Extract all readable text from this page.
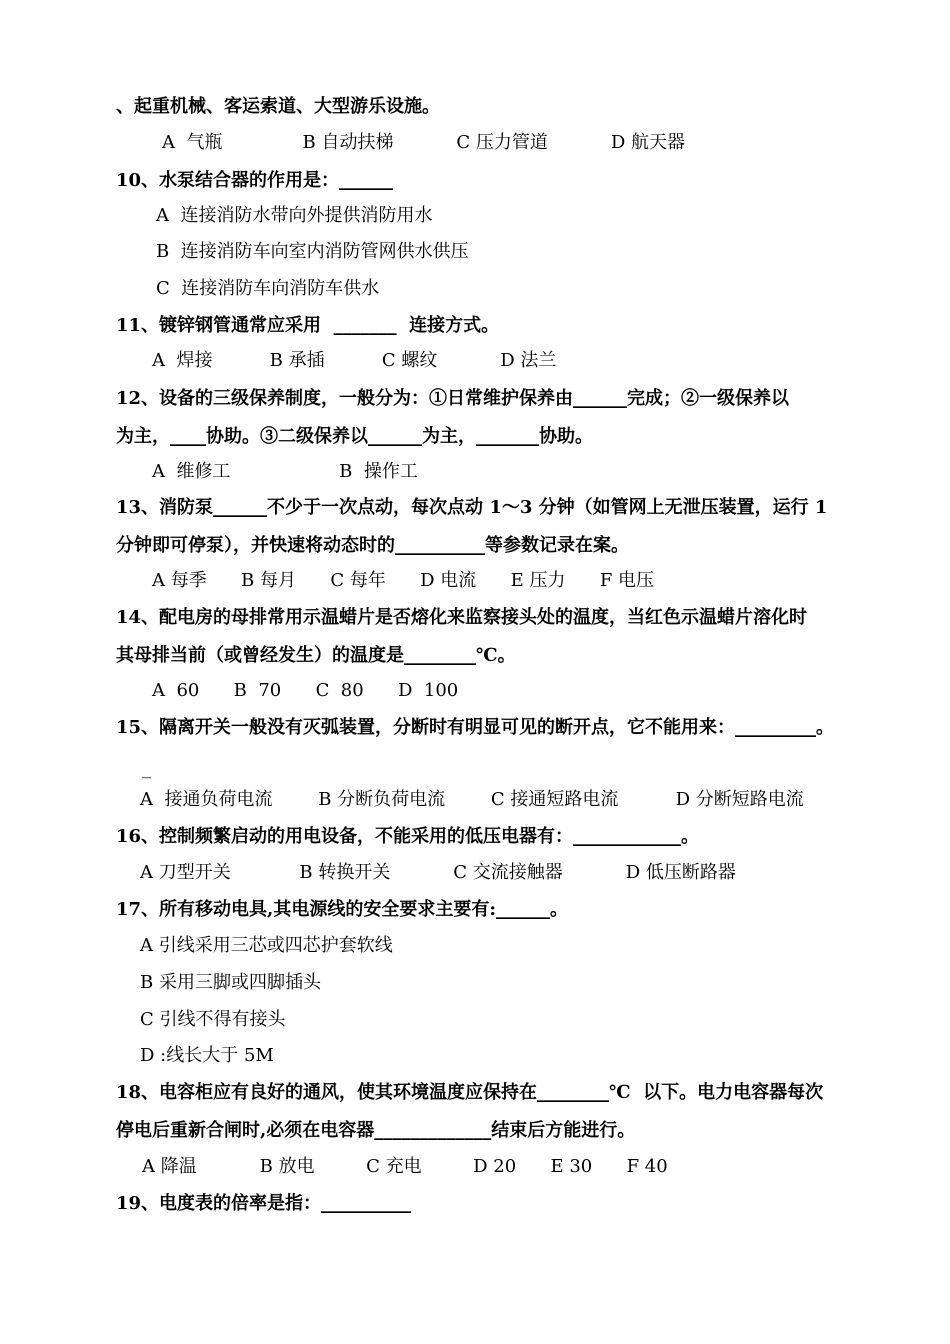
、起重机械、客运索道、大型游乐设施。
A  气瓶              B 自动扶梯           C 压力管道           D 航天器
10、水泵结合器的作用是：______
A  连接消防水带向外提供消防用水
B  连接消防车向室内消防管网供水供压
C  连接消防车向消防车供水
11、镀锌钢管通常应采用  _______  连接方式。
A  焊接          B 承插          C 螺纹           D 法兰
12、设备的三级保养制度，一般分为：①日常维护保养由______完成；②一级保养以
为主，____协助。③二级保养以______为主，_______协助。
A  维修工                   B  操作工
13、消防泵______不少于一次点动，每次点动 1～3 分钟（如管网上无泄压装置，运行 1
分钟即可停泵），并快速将动态时的__________等参数记录在案。
A 每季      B 每月      C 每年      D 电流      E 压力      F 电压
14、配电房的母排常用示温蜡片是否熔化来监察接头处的温度，当红色示温蜡片溶化时
其母排当前（或曾经发生）的温度是________℃。
A  60      B  70      C  80      D  100
15、隔离开关一般没有灭弧装置，分断时有明显可见的断开点，它不能用来：_________。
_
A  接通负荷电流        B 分断负荷电流        C 接通短路电流          D 分断短路电流
16、控制频繁启动的用电设备，不能采用的低压电器有：____________。
A 刀型开关            B 转换开关           C 交流接触器           D 低压断路器
17、所有移动电具,其电源线的安全要求主要有:______。
A 引线采用三芯或四芯护套软线
B 采用三脚或四脚插头
C 引线不得有接头
D :线长大于 5M
18、电容柜应有良好的通风，使其环境温度应保持在________℃  以下。电力电容器每次
停电后重新合闸时,必须在电容器_____________结束后方能进行。
A 降温           B 放电         C 充电         D 20      E 30      F 40
19、电度表的倍率是指：__________
